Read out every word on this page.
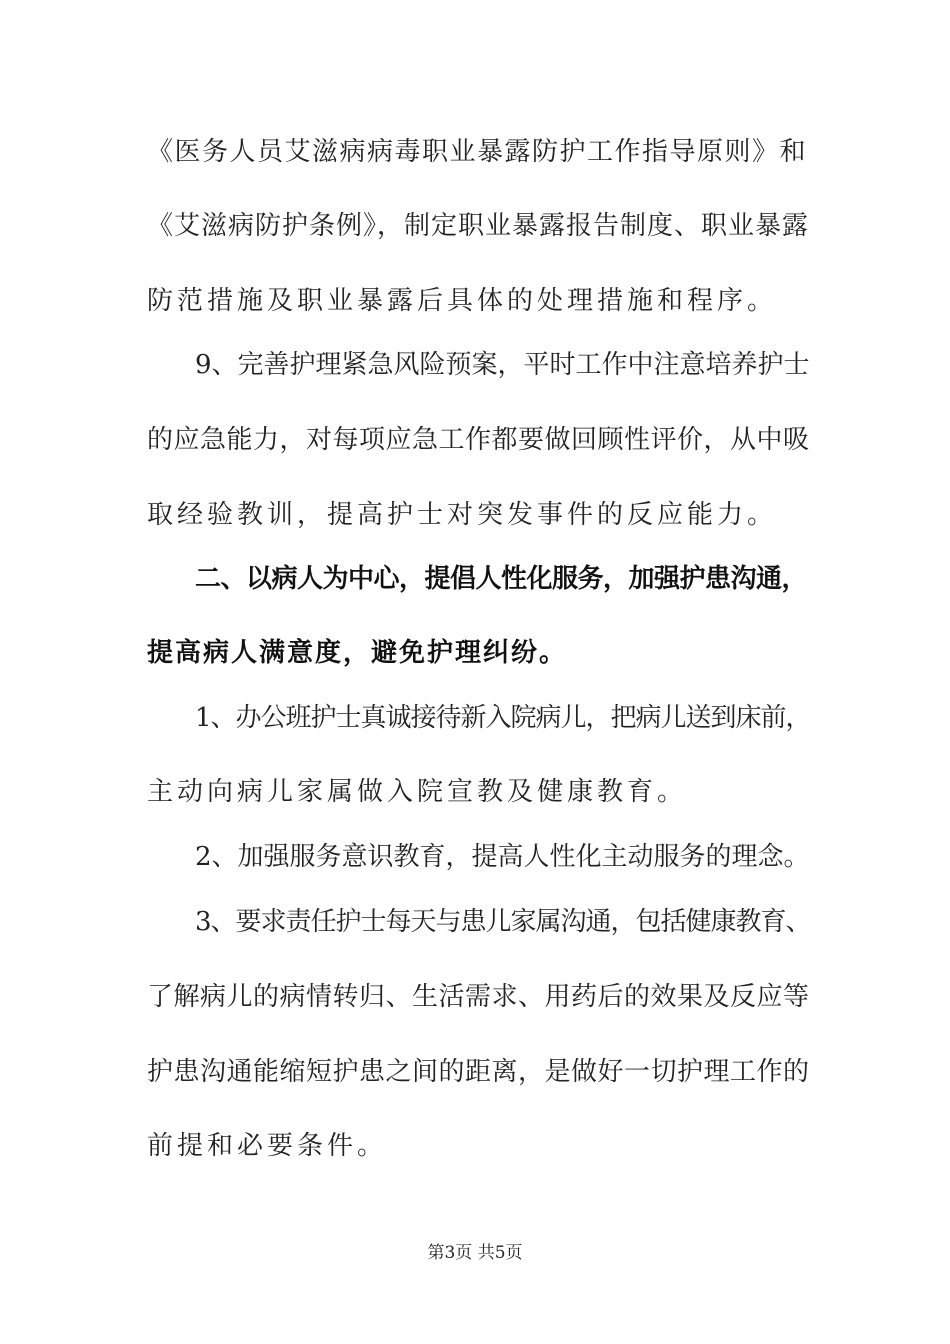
《医务人员艾滋病病毒职业暴露防护工作指导原则》和
《艾滋病防护条例》，制定职业暴露报告制度、职业暴露
防范措施及职业暴露后具体的处理措施和程序。
9、完善护理紧急风险预案，平时工作中注意培养护士
的应急能力，对每项应急工作都要做回顾性评价，从中吸
取经验教训，提高护士对突发事件的反应能力。
二、以病人为中心，提倡人性化服务，加强护患沟通，
提高病人满意度，避免护理纠纷。
1、办公班护士真诚接待新入院病儿，把病儿送到床前，
主动向病儿家属做入院宣教及健康教育。
2、加强服务意识教育，提高人性化主动服务的理念。
3、要求责任护士每天与患儿家属沟通，包括健康教育、
了解病儿的病情转归、生活需求、用药后的效果及反应等
护患沟通能缩短护患之间的距离，是做好一切护理工作的
前提和必要条件。
第3页 共5页
